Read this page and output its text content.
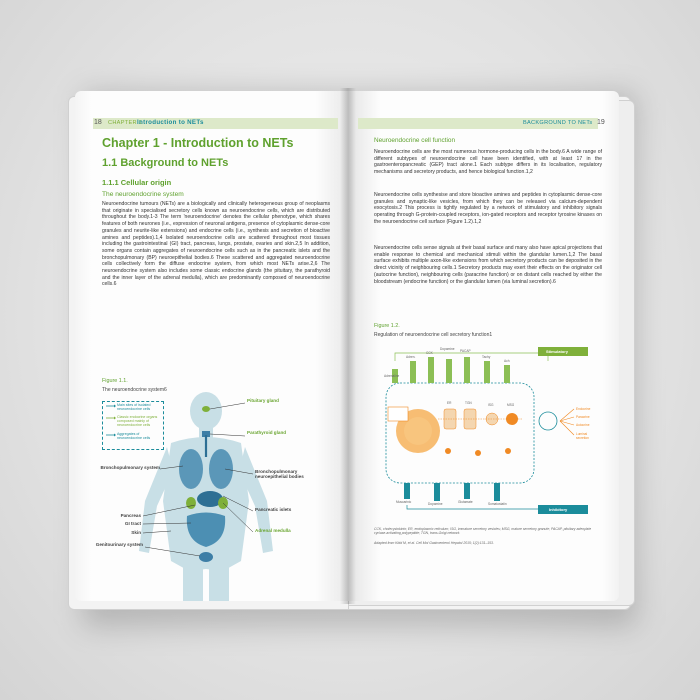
18 CHAPTER 1
Introduction to NETs
Chapter 1 - Introduction to NETs
1.1 Background to NETs
1.1.1 Cellular origin
The neuroendocrine system
Neuroendocrine tumours (NETs) are a biologically and clinically heterogeneous group of neoplasms that originate in specialised secretory cells known as neuroendocrine cells, which are distributed throughout the body.1-3 The term 'neuroendocrine' denotes the cellular phenotype, which shares features of both neurones (i.e., expression of neuronal antigens, presence of cytoplasmic dense-core granules and neurite-like extensions) and endocrine cells (i.e., synthesis and secretion of bioactive amines and peptides).1,4 Isolated neuroendocrine cells are scattered throughout most tissues including the gastrointestinal (GI) tract, pancreas, lungs, prostate, ovaries and skin.2,5 In addition, some organs contain aggregates of neuroendocrine cells such as in the pancreatic islets and the bronchopulmonary (BP) neuroepithelial bodies.6 These scattered and aggregated neuroendocrine cells collectively form the diffuse endocrine system, from which most NETs arise.2,6 The neuroendocrine system also includes some classic endocrine glands (the pituitary, the parathyroid and the inner layer of the adrenal medulla), which are predominantly composed of neuroendocrine cells.6
Figure 1.1.
The neuroendocrine system6
Main sites of isolated neuroendocrine cells
Classic endocrine organs composed mainly of neuroendocrine cells
Aggregates of neuroendocrine cells
Pituitary gland
Parathyroid gland
Bronchopulmonary neuroepithelial bodies
Pancreatic islets
Adrenal medulla
Bronchopulmonary system
Pancreas
GI tract
Skin
Genitourinary system
BACKGROUND TO NETs 19
Neuroendocrine cell function
Neuroendocrine cells are the most numerous hormone-producing cells in the body.6 A wide range of different subtypes of neuroendocrine cell have been identified, with at least 17 in the gastroenteropancreatic (GEP) tract alone.1 Each subtype differs in its localisation, regulatory mechanisms and secretory products, and hence biological function.1,2
Neuroendocrine cells synthesise and store bioactive amines and peptides in cytoplasmic dense-core granules and synaptic-like vesicles, from which they can be released via calcium-dependent exocytosis.2 This process is tightly regulated by a network of stimulatory and inhibitory signals operating through G-protein-coupled receptors, ion-gated receptors and receptor tyrosine kinases on the neuroendocrine cell surface (Figure 1.2).1,2
Neuroendocrine cells sense signals at their basal surface and many also have apical projections that enable response to chemical and mechanical stimuli within the glandular lumen.1,2 The basal surface exhibits multiple axon-like extensions from which secretory products can be deposited in the direct vicinity of neighbouring cells.1 Secretory products may exert their effects on the originator cell (autocrine function), neighbouring cells (paracrine function) or on distant cells reached by either the bloodstream (endocrine function) or the glandular lumen (via luminal secretion).6
Figure 1.2.
Regulation of neuroendocrine cell secretory function1
Stimulatory
Inhibitory
Adrenaline
Adren.
CCK
Dopamine PACAP
Tachy
Ach
ER	TGN	ISG	MSG
Muscarinic	Dopamine	Glutamate	Somatostatin
Endocrine
Paracrine
Autocrine
Luminal secretion
CCK, cholecystokinin; ER, endoplasmic reticulum; ISG, immature secretory vesicles; MSG, mature secretory granule; PACAP, pituitary adenylate cyclase-activating polypeptide; TGN, trans-Golgi network.
Adapted from Kidd M, et al. Cell Mol Gastroenterol Hepatol 2015; 1(2):131–153.
